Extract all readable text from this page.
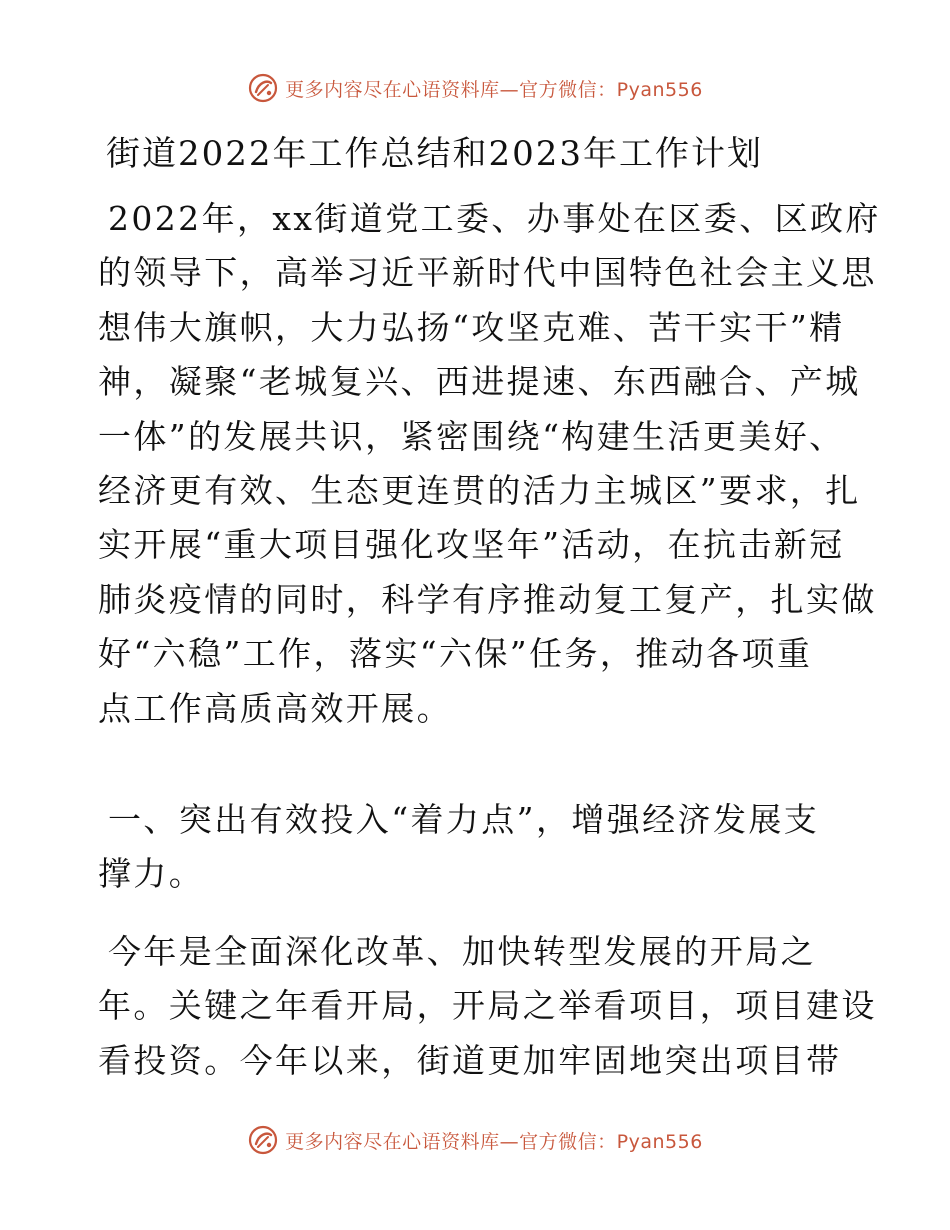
更多内容尽在心语资料库—官方微信：Pyan556
街道2022年工作总结和2023年工作计划
2022年，xx街道党工委、办事处在区委、区政府
的领导下，高举习近平新时代中国特色社会主义思
想伟大旗帜，大力弘扬“攻坚克难、苦干实干”精
神，凝聚“老城复兴、西进提速、东西融合、产城
一体”的发展共识，紧密围绕“构建生活更美好、
经济更有效、生态更连贯的活力主城区”要求，扎
实开展“重大项目强化攻坚年”活动，在抗击新冠
肺炎疫情的同时，科学有序推动复工复产，扎实做
好“六稳”工作，落实“六保”任务，推动各项重
点工作高质高效开展。
一、突出有效投入“着力点”，增强经济发展支
撑力。
今年是全面深化改革、加快转型发展的开局之
年。关键之年看开局，开局之举看项目，项目建设
看投资。今年以来，街道更加牢固地突出项目带
更多内容尽在心语资料库—官方微信：Pyan556
